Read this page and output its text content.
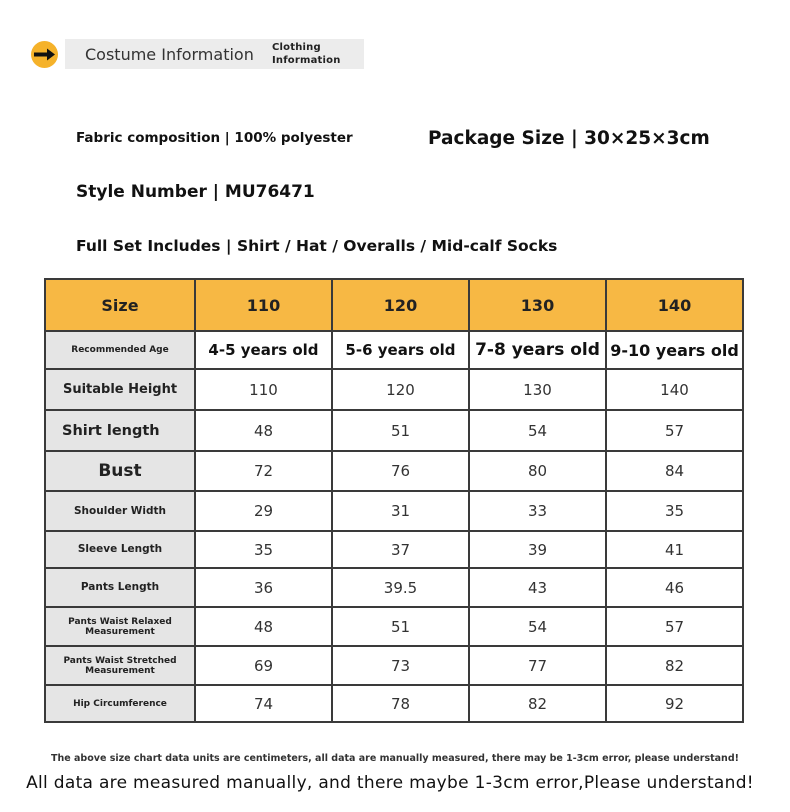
Costume Information Clothing Information
Fabric composition | 100% polyester	Package Size | 30×25×3cm
Style Number | MU76471
Full Set Includes | Shirt / Hat / Overalls / Mid-calf Socks
Size	110	120	130	140
Recommended Age	4-5 years old	5-6 years old	7-8 years old	9-10 years old
Suitable Height	110	120	130	140
Shirt length	48	51	54	57
Bust	72	76	80	84
Shoulder Width	29	31	33	35
Sleeve Length	35	37	39	41
Pants Length	36	39.5	43	46
Pants Waist Relaxed Measurement	48	51	54	57
Pants Waist Stretched Measurement	69	73	77	82
Hip Circumference	74	78	82	92
The above size chart data units are centimeters, all data are manually measured, there may be 1-3cm error, please understand!
All data are measured manually, and there maybe 1-3cm error,Please understand!
